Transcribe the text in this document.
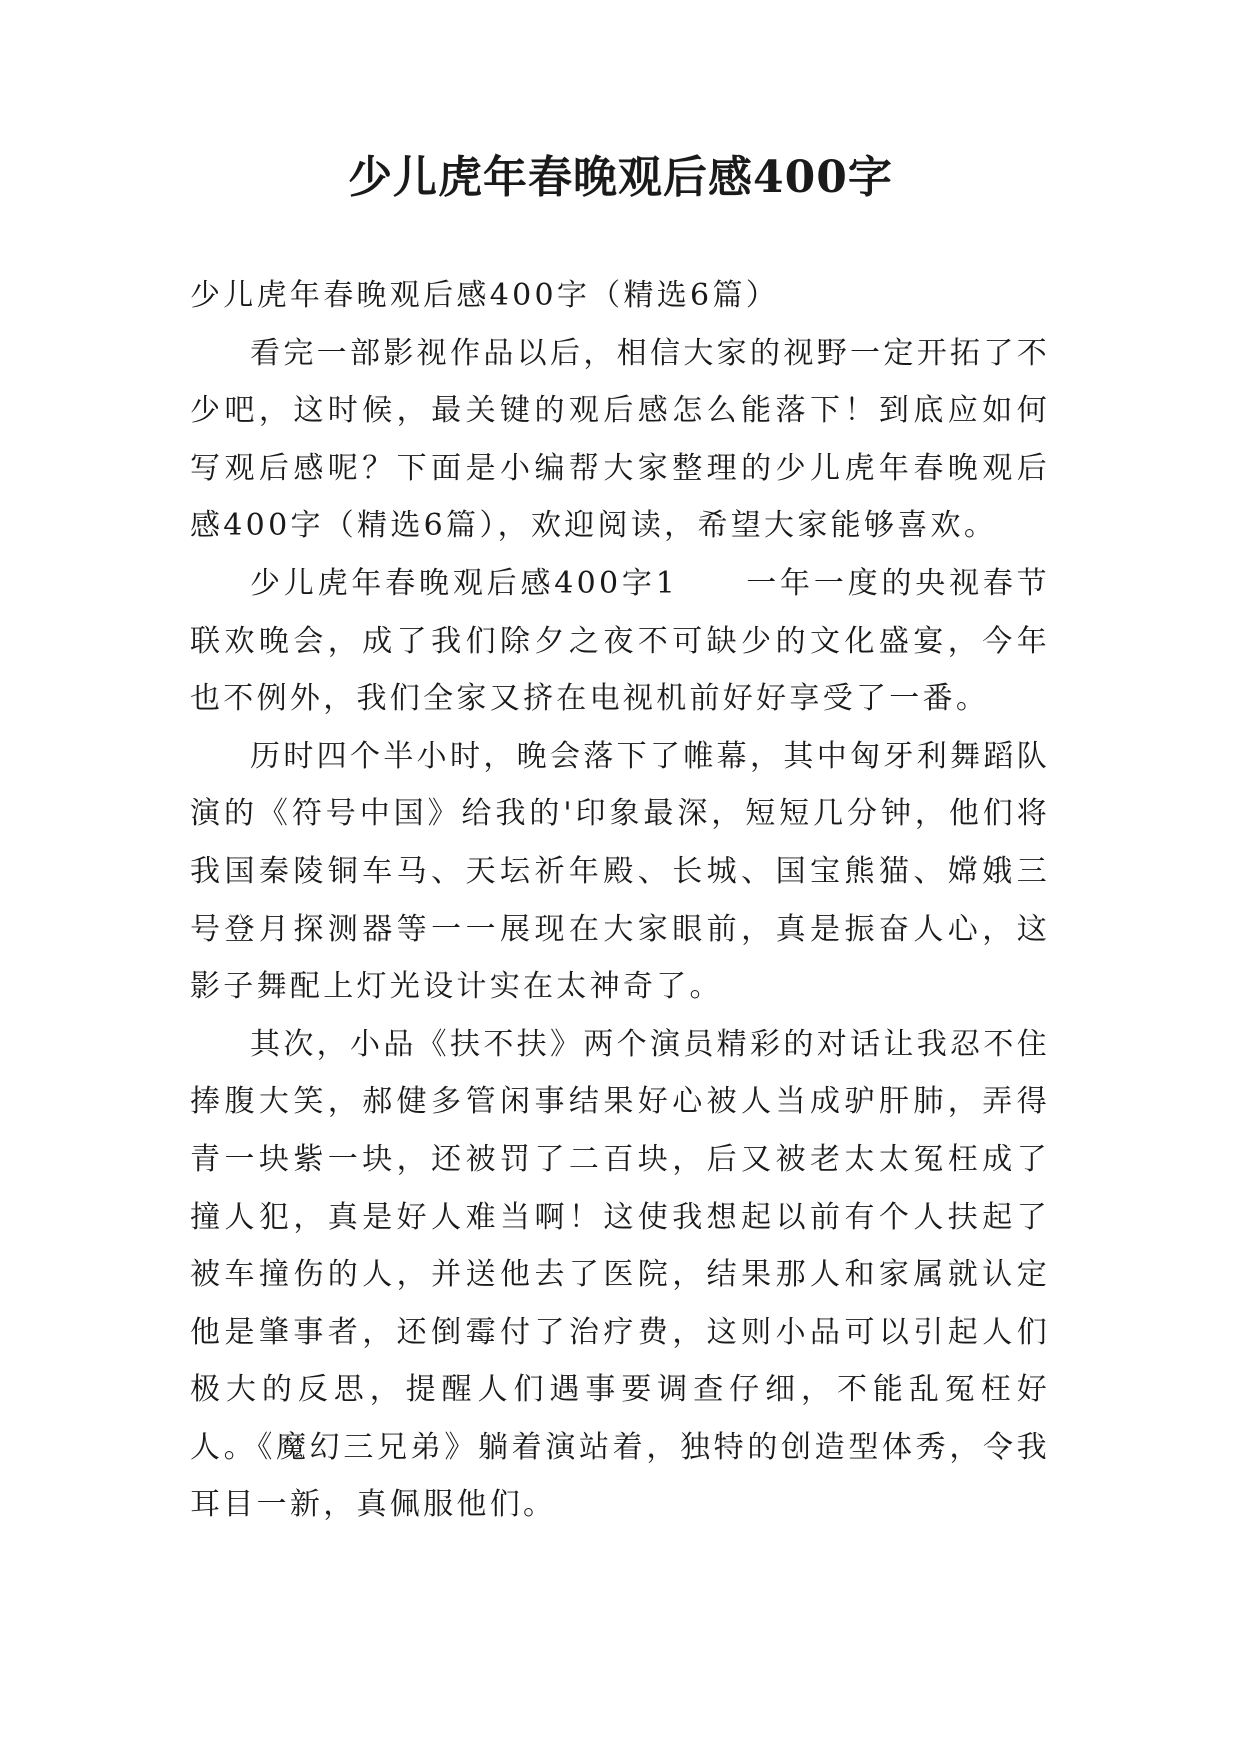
少儿虎年春晚观后感400字

少儿虎年春晚观后感400字（精选6篇）

看完一部影视作品以后，相信大家的视野一定开拓了不少吧，这时候，最关键的观后感怎么能落下！到底应如何写观后感呢？下面是小编帮大家整理的少儿虎年春晚观后感400字（精选6篇），欢迎阅读，希望大家能够喜欢。

少儿虎年春晚观后感400字1　　一年一度的央视春节联欢晚会，成了我们除夕之夜不可缺少的文化盛宴，今年也不例外，我们全家又挤在电视机前好好享受了一番。

历时四个半小时，晚会落下了帷幕，其中匈牙利舞蹈队演的《符号中国》给我的'印象最深，短短几分钟，他们将我国秦陵铜车马、天坛祈年殿、长城、国宝熊猫、嫦娥三号登月探测器等一一展现在大家眼前，真是振奋人心，这影子舞配上灯光设计实在太神奇了。

其次，小品《扶不扶》两个演员精彩的对话让我忍不住捧腹大笑，郝健多管闲事结果好心被人当成驴肝肺，弄得青一块紫一块，还被罚了二百块，后又被老太太冤枉成了撞人犯，真是好人难当啊！这使我想起以前有个人扶起了被车撞伤的人，并送他去了医院，结果那人和家属就认定他是肇事者，还倒霉付了治疗费，这则小品可以引起人们极大的反思，提醒人们遇事要调查仔细，不能乱冤枉好人。《魔幻三兄弟》躺着演站着，独特的创造型体秀，令我耳目一新，真佩服他们。
